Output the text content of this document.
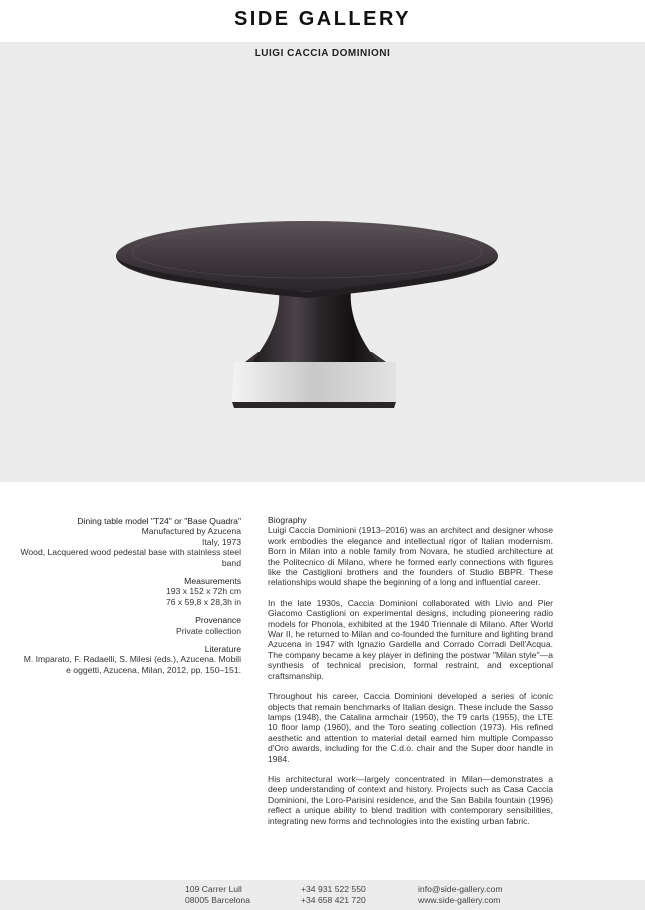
SIDE GALLERY
LUIGI CACCIA DOMINIONI
Dining table model "T24" or "Base Quadra"
Manufactured by Azucena
Italy, 1973
Wood, Lacquered wood pedestal base with stainless steel band
Measurements
193 x 152 x 72h cm
76 x 59,8 x 28,3h in
Provenance
Private collection
Literature
M. Imparato, F. Radaelli, S. Milesi (eds.), Azucena. Mobili e oggetti, Azucena, Milan, 2012, pp. 150–151.
Biography

Luigi Caccia Dominioni (1913–2016) was an architect and designer whose work embodies the elegance and intellectual rigor of Italian modernism. Born in Milan into a noble family from Novara, he studied architecture at the Politecnico di Milano, where he formed early connections with figures like the Castiglioni brothers and the founders of Studio BBPR. These relationships would shape the beginning of a long and influential career.

In the late 1930s, Caccia Dominioni collaborated with Livio and Pier Giacomo Castiglioni on experimental designs, including pioneering radio models for Phonola, exhibited at the 1940 Triennale di Milano. After World War II, he returned to Milan and co-founded the furniture and lighting brand Azucena in 1947 with Ignazio Gardella and Corrado Corradi Dell'Acqua. The company became a key player in defining the postwar "Milan style"—a synthesis of technical precision, formal restraint, and exceptional craftsmanship.

Throughout his career, Caccia Dominioni developed a series of iconic objects that remain benchmarks of Italian design. These include the Sasso lamps (1948), the Catalina armchair (1950), the T9 carts (1955), the LTE 10 floor lamp (1960), and the Toro seating collection (1973). His refined aesthetic and attention to material detail earned him multiple Compasso d'Oro awards, including for the C.d.o. chair and the Super door handle in 1984.

His architectural work—largely concentrated in Milan—demonstrates a deep understanding of context and history. Projects such as Casa Caccia Dominioni, the Loro-Parisini residence, and the San Babila fountain (1996) reflect a unique ability to blend tradition with contemporary sensibilities, integrating new forms and technologies into the existing urban fabric.

109 Carrer Lull
08005 Barcelona
+34 931 522 550
+34 658 421 720
info@side-gallery.com
www.side-gallery.com
